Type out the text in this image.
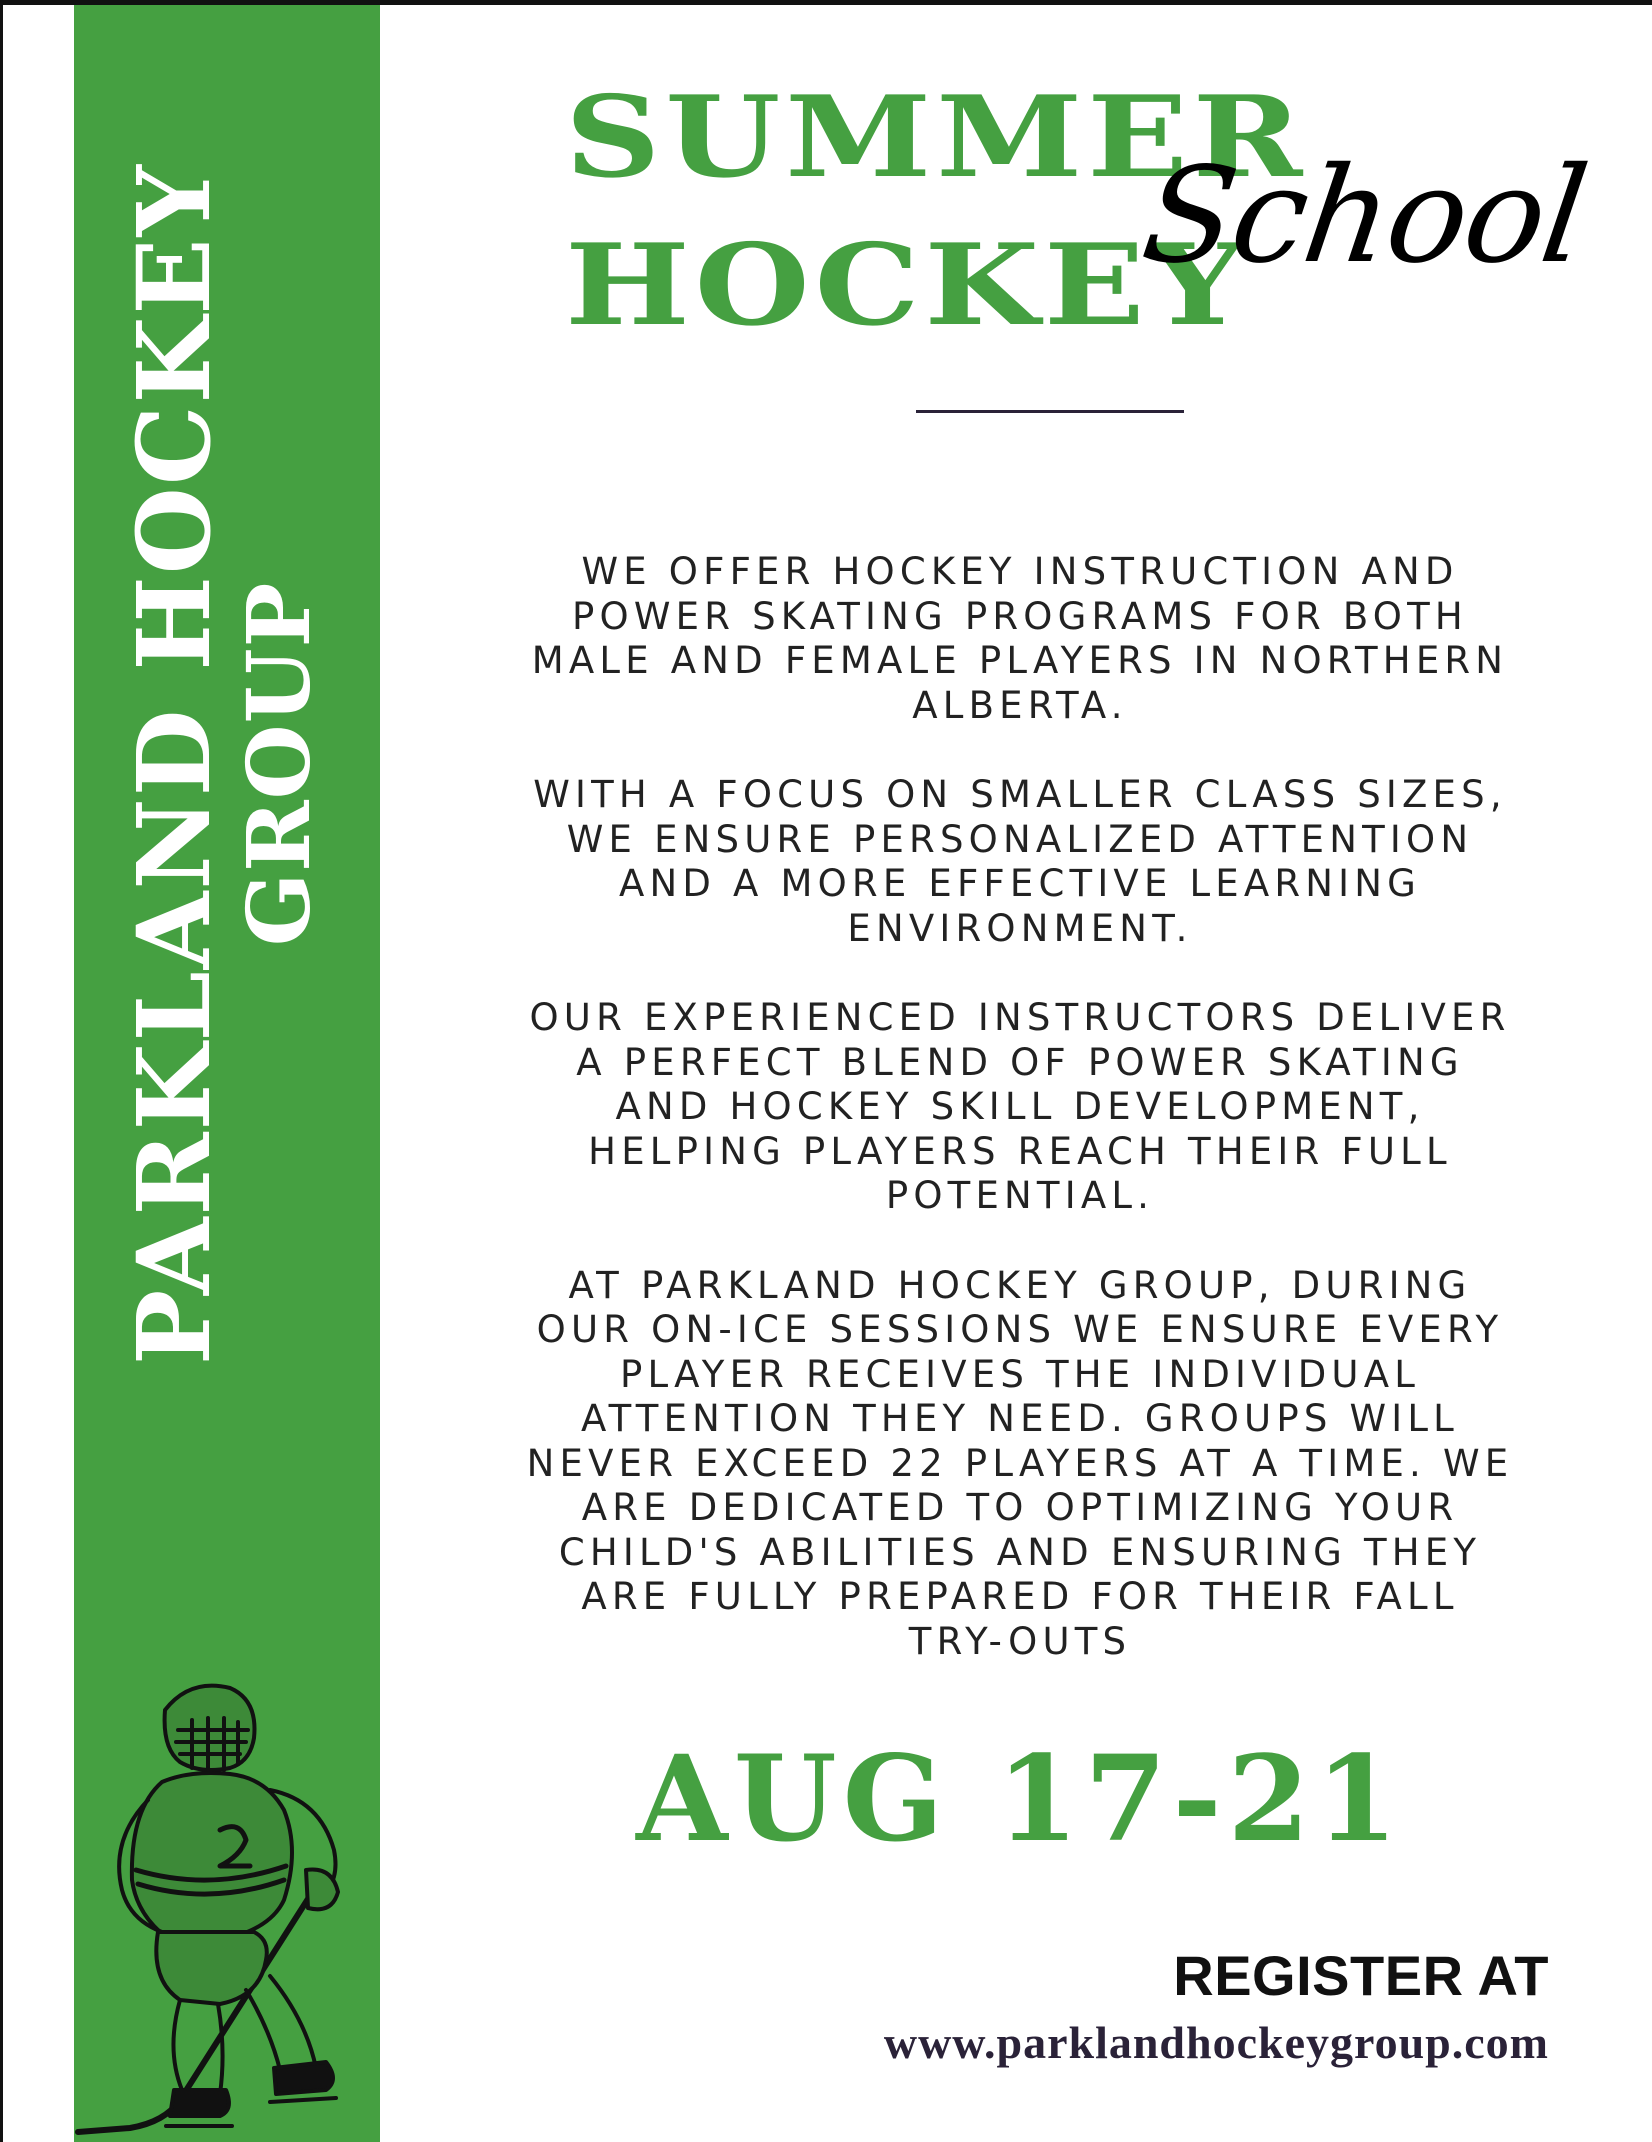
PARKLAND HOCKEY
GROUP
SUMMER
HOCKEY
School

WE OFFER HOCKEY INSTRUCTION AND
POWER SKATING PROGRAMS FOR BOTH
MALE AND FEMALE PLAYERS IN NORTHERN
ALBERTA.

WITH A FOCUS ON SMALLER CLASS SIZES,
WE ENSURE PERSONALIZED ATTENTION
AND A MORE EFFECTIVE LEARNING
ENVIRONMENT.

OUR EXPERIENCED INSTRUCTORS DELIVER
A PERFECT BLEND OF POWER SKATING
AND HOCKEY SKILL DEVELOPMENT,
HELPING PLAYERS REACH THEIR FULL
POTENTIAL.

AT PARKLAND HOCKEY GROUP, DURING
OUR ON-ICE SESSIONS WE ENSURE EVERY
PLAYER RECEIVES THE INDIVIDUAL
ATTENTION THEY NEED. GROUPS WILL
NEVER EXCEED 22 PLAYERS AT A TIME. WE
ARE DEDICATED TO OPTIMIZING YOUR
CHILD'S ABILITIES AND ENSURING THEY
ARE FULLY PREPARED FOR THEIR FALL
TRY-OUTS

AUG 17-21
REGISTER AT
www.parklandhockeygroup.com
